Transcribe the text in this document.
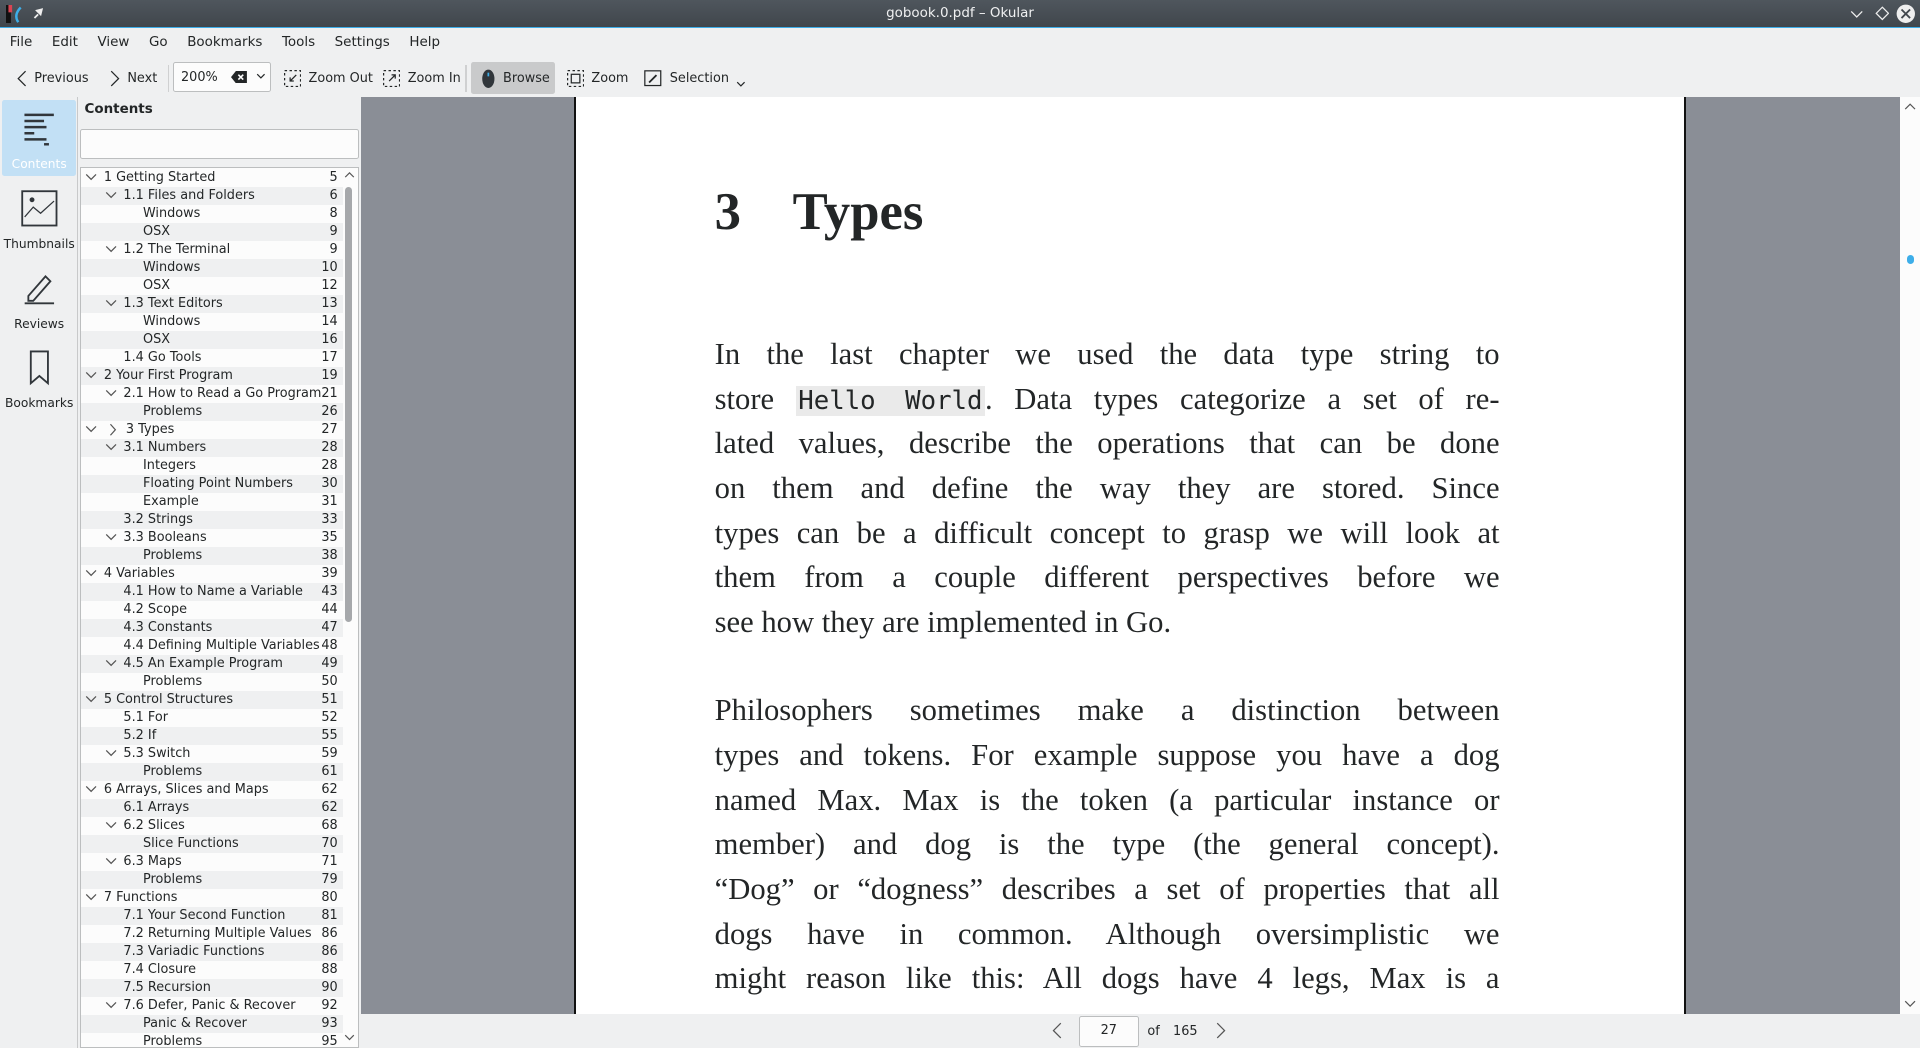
gobook.0.pdf – Okular
File	Edit	View	Go	Bookmarks	Tools	Settings	Help
Previous	Next 200%	Zoom Out	Zoom In	Browse	Zoom	Selection
Contents
Thumbnails
Reviews
Bookmarks
Contents
1 Getting Started	5
1.1 Files and Folders	6
Windows	8
OSX	9
1.2 The Terminal	9
Windows	10
OSX	12
1.3 Text Editors	13
Windows	14
OSX	16
1.4 Go Tools	17
2 Your First Program	19
2.1 How to Read a Go Program 21
Problems	26
3 Types	27
3.1 Numbers	28
Integers	28
Floating Point Numbers	30
Example	31
3.2 Strings	33
3.3 Booleans	35
Problems	38
4 Variables	39
4.1 How to Name a Variable 43
4.2 Scope	44
4.3 Constants	47
4.4 Defining Multiple Variables 48
4.5 An Example Program	49
Problems	50
5 Control Structures	51
5.1 For	52
5.2 If	55
5.3 Switch	59
Problems	61
6 Arrays, Slices and Maps	62
6.1 Arrays	62
6.2 Slices	68
Slice Functions	70
6.3 Maps	71
Problems	79
7 Functions	80
7.1 Your Second Function	81
7.2 Returning Multiple Values 86
7.3 Variadic Functions	86
7.4 Closure	88
7.5 Recursion	90
7.6 Defer, Panic & Recover 92
Panic & Recover	93
Problems	95
3 Types
In the last chapter we used the data type string to
store Hello World. Data types categorize a set of re-
lated values, describe the operations that can be done
on them and define the way they are stored. Since
types can be a difficult concept to grasp we will look at
them from a couple different perspectives before we
see how they are implemented in Go.
Philosophers sometimes make a distinction between
types and tokens. For example suppose you have a dog
named Max. Max is the token (a particular instance or
member) and dog is the type (the general concept).
“Dog” or “dogness” describes a set of properties that all
dogs have in common. Although oversimplistic we
might reason like this: All dogs have 4 legs, Max is a
27	of 165
